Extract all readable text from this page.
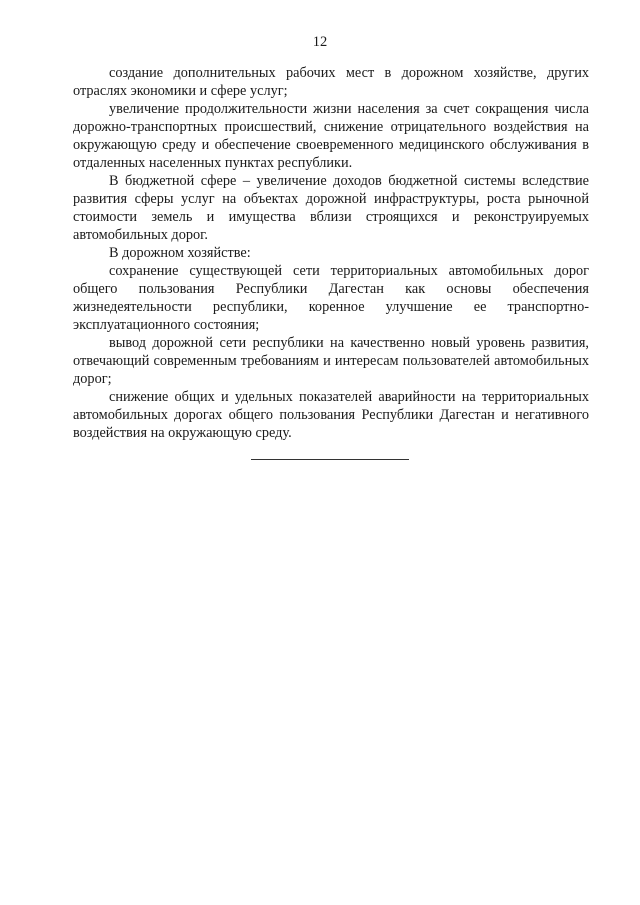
12

создание дополнительных рабочих мест в дорожном хозяйстве, других отраслях экономики и сфере услуг;

увеличение продолжительности жизни населения за счет сокращения числа дорожно-транспортных происшествий, снижение отрицательного воздействия на окружающую среду и обеспечение своевременного медицинского обслуживания в отдаленных населенных пунктах республики.

В бюджетной сфере – увеличение доходов бюджетной системы вследствие развития сферы услуг на объектах дорожной инфраструктуры, роста рыночной стоимости земель и имущества вблизи строящихся и реконструируемых автомобильных дорог.

В дорожном хозяйстве:

сохранение существующей сети территориальных автомобильных дорог общего пользования Республики Дагестан как основы обеспечения жизнедеятельности республики, коренное улучшение ее транспортно-эксплуатационного состояния;

вывод дорожной сети республики на качественно новый уровень развития, отвечающий современным требованиям и интересам пользователей автомобильных дорог;

снижение общих и удельных показателей аварийности на территориальных автомобильных дорогах общего пользования Республики Дагестан и негативного воздействия на окружающую среду.
